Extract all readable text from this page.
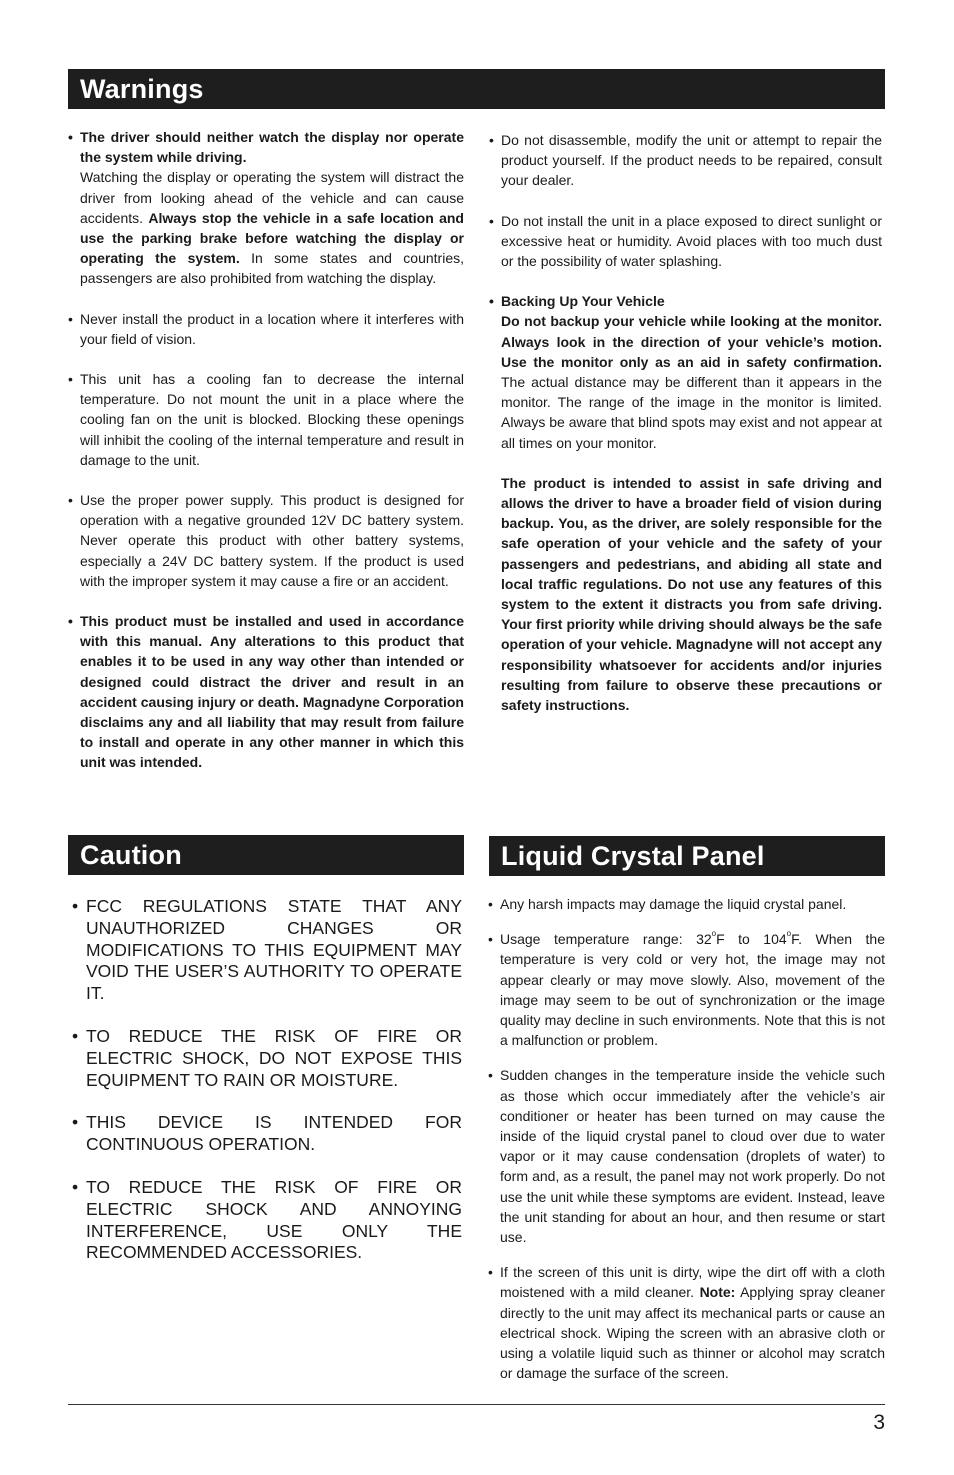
Warnings
• The driver should neither watch the display nor operate the system while driving.
Watching the display or operating the system will distract the driver from looking ahead of the vehicle and can cause accidents. Always stop the vehicle in a safe location and use the parking brake before watching the display or operating the system. In some states and countries, passengers are also prohibited from watching the display.
• Never install the product in a location where it interferes with your field of vision.
• This unit has a cooling fan to decrease the internal temperature. Do not mount the unit in a place where the cooling fan on the unit is blocked. Blocking these openings will inhibit the cooling of the internal temperature and result in damage to the unit.
• Use the proper power supply. This product is designed for operation with a negative grounded 12V DC battery system. Never operate this product with other battery systems, especially a 24V DC battery system. If the product is used with the improper system it may cause a fire or an accident.
• This product must be installed and used in accordance with this manual. Any alterations to this product that enables it to be used in any way other than intended or designed could distract the driver and result in an accident causing injury or death. Magnadyne Corporation disclaims any and all liability that may result from failure to install and operate in any other manner in which this unit was intended.
• Do not disassemble, modify the unit or attempt to repair the product yourself. If the product needs to be repaired, consult your dealer.
• Do not install the unit in a place exposed to direct sunlight or excessive heat or humidity. Avoid places with too much dust or the possibility of water splashing.
• Backing Up Your Vehicle
Do not backup your vehicle while looking at the monitor. Always look in the direction of your vehicle’s motion. Use the monitor only as an aid in safety confirmation. The actual distance may be different than it appears in the monitor. The range of the image in the monitor is limited. Always be aware that blind spots may exist and not appear at all times on your monitor.
The product is intended to assist in safe driving and allows the driver to have a broader field of vision during backup. You, as the driver, are solely responsible for the safe operation of your vehicle and the safety of your passengers and pedestrians, and abiding all state and local traffic regulations. Do not use any features of this system to the extent it distracts you from safe driving. Your first priority while driving should always be the safe operation of your vehicle. Magnadyne will not accept any responsibility whatsoever for accidents and/or injuries resulting from failure to observe these precautions or safety instructions.
Caution
• FCC REGULATIONS STATE THAT ANY UNAUTHORIZED CHANGES OR MODIFICATIONS TO THIS EQUIPMENT MAY VOID THE USER’S AUTHORITY TO OPERATE IT.
• TO REDUCE THE RISK OF FIRE OR ELECTRIC SHOCK, DO NOT EXPOSE THIS EQUIPMENT TO RAIN OR MOISTURE.
• THIS DEVICE IS INTENDED FOR CONTINUOUS OPERATION.
• TO REDUCE THE RISK OF FIRE OR ELECTRIC SHOCK AND ANNOYING INTERFERENCE, USE ONLY THE RECOMMENDED ACCESSORIES.
Liquid Crystal Panel
• Any harsh impacts may damage the liquid crystal panel.
• Usage temperature range: 32$^o$F to 104$^o$F. When the temperature is very cold or very hot, the image may not appear clearly or may move slowly. Also, movement of the image may seem to be out of synchronization or the image quality may decline in such environments. Note that this is not a malfunction or problem.
• Sudden changes in the temperature inside the vehicle such as those which occur immediately after the vehicle’s air conditioner or heater has been turned on may cause the inside of the liquid crystal panel to cloud over due to water vapor or it may cause condensation (droplets of water) to form and, as a result, the panel may not work properly. Do not use the unit while these symptoms are evident. Instead, leave the unit standing for about an hour, and then resume or start use.
• If the screen of this unit is dirty, wipe the dirt off with a cloth moistened with a mild cleaner. Note: Applying spray cleaner directly to the unit may affect its mechanical parts or cause an electrical shock. Wiping the screen with an abrasive cloth or using a volatile liquid such as thinner or alcohol may scratch or damage the surface of the screen.
3
